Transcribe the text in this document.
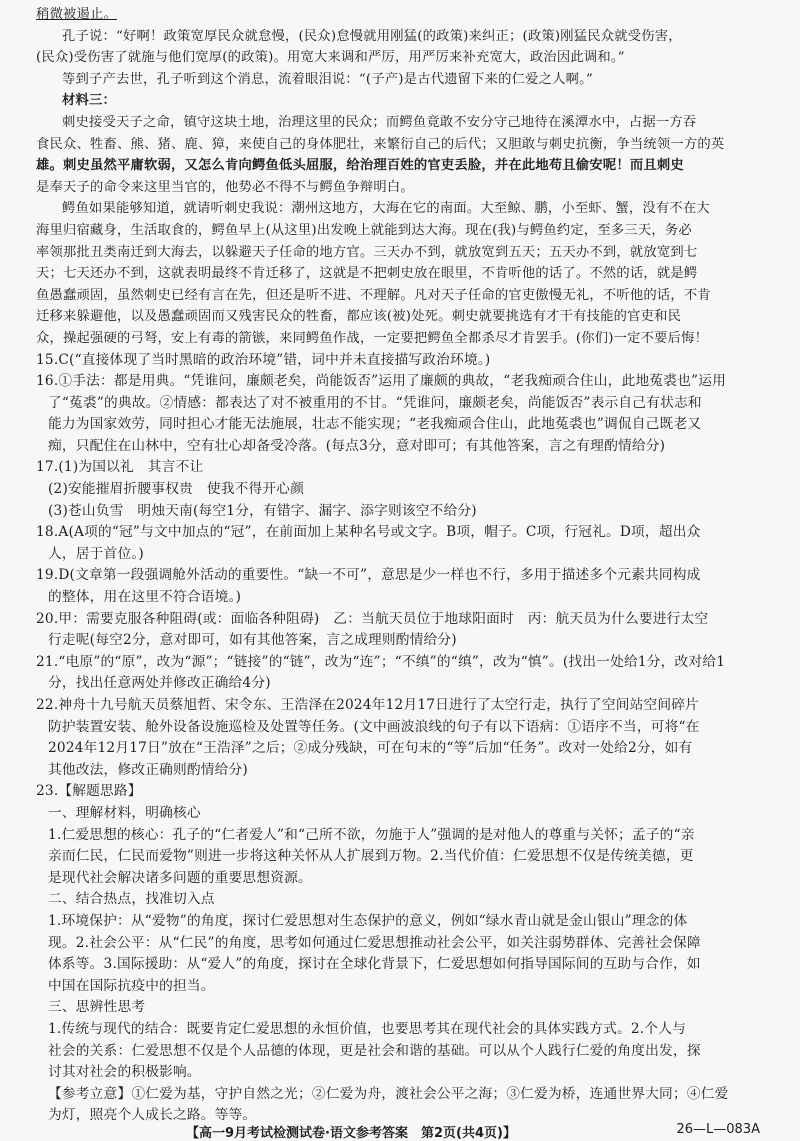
稍微被遏止。
孔子说：“好啊！政策宽厚民众就怠慢，(民众)怠慢就用刚猛(的政策)来纠正；(政策)刚猛民众就受伤害，
(民众)受伤害了就施与他们宽厚(的政策)。用宽大来调和严厉，用严厉来补充宽大，政治因此调和。”
等到子产去世，孔子听到这个消息，流着眼泪说：“(子产)是古代遗留下来的仁爱之人啊。”
材料三：
刺史接受天子之命，镇守这块土地，治理这里的民众；而鳄鱼竟敢不安分守己地待在溪潭水中，占据一方吞
食民众、牲畜、熊、猪、鹿、獐，来使自己的身体肥壮，来繁衍自己的后代；又胆敢与刺史抗衡，争当统领一方的英
雄。刺史虽然平庸软弱，又怎么肯向鳄鱼低头屈服，给治理百姓的官吏丢脸，并在此地苟且偷安呢！而且刺史
是奉天子的命令来这里当官的，他势必不得不与鳄鱼争辩明白。
鳄鱼如果能够知道，就请听刺史我说：潮州这地方，大海在它的南面。大至鲸、鹏，小至虾、蟹，没有不在大
海里归宿藏身，生活取食的，鳄鱼早上(从这里)出发晚上就能到达大海。现在(我)与鳄鱼约定，至多三天，务必
率领那批丑类南迁到大海去，以躲避天子任命的地方官。三天办不到，就放宽到五天；五天办不到，就放宽到七
天；七天还办不到，这就表明最终不肯迁移了，这就是不把刺史放在眼里，不肯听他的话了。不然的话，就是鳄
鱼愚蠢顽固，虽然刺史已经有言在先，但还是听不进、不理解。凡对天子任命的官吏傲慢无礼，不听他的话，不肯
迁移来躲避他，以及愚蠢顽固而又残害民众的牲畜，都应该(被)处死。刺史就要挑选有才干有技能的官吏和民
众，操起强硬的弓弩，安上有毒的箭镞，来同鳄鱼作战，一定要把鳄鱼全都杀尽才肯罢手。(你们)一定不要后悔！
15.C(“直接体现了当时黑暗的政治环境”错，词中并未直接描写政治环境。)
16.①手法：都是用典。“凭谁问，廉颇老矣，尚能饭否”运用了廉颇的典故，“老我痴顽合住山，此地菟裘也”运用
了“菟裘”的典故。②情感：都表达了对不被重用的不甘。“凭谁问，廉颇老矣，尚能饭否”表示自己有状志和
能力为国家效劳，同时担心才能无法施展，壮志不能实现；“老我痴顽合住山，此地菟裘也”调侃自己既老又
痴，只配住在山林中，空有壮心却备受冷落。(每点3分，意对即可；有其他答案，言之有理酌情给分)
17.(1)为国以礼　其言不让
(2)安能摧眉折腰事权贵　使我不得开心颜
(3)苍山负雪　明烛天南(每空1分，有错字、漏字、添字则该空不给分)
18.A(A项的“冠”与文中加点的“冠”，在前面加上某种名号或文字。B项，帽子。C项，行冠礼。D项，超出众
人，居于首位。)
19.D(文章第一段强调舱外活动的重要性。“缺一不可”，意思是少一样也不行，多用于描述多个元素共同构成
的整体，用在这里不符合语境。)
20.甲：需要克服各种阻碍(或：面临各种阻碍)　乙：当航天员位于地球阳面时　丙：航天员为什么要进行太空
行走呢(每空2分，意对即可，如有其他答案，言之成理则酌情给分)
21.“电原”的“原”，改为“源”；“链接”的“链”，改为“连”；“不缜”的“缜”，改为“慎”。(找出一处给1分，改对给1
分，找出任意两处并修改正确给4分)
22.神舟十九号航天员蔡旭哲、宋令东、王浩泽在2024年12月17日进行了太空行走，执行了空间站空间碎片
防护装置安装、舱外设备设施巡检及处置等任务。(文中画波浪线的句子有以下语病：①语序不当，可将“在
2024年12月17日”放在“王浩泽”之后；②成分残缺，可在句末的“等”后加“任务”。改对一处给2分，如有
其他改法，修改正确则酌情给分)
23.【解题思路】
一、理解材料，明确核心
1.仁爱思想的核心：孔子的“仁者爱人”和“己所不欲，勿施于人”强调的是对他人的尊重与关怀；孟子的“亲
亲而仁民，仁民而爱物”则进一步将这种关怀从人扩展到万物。2.当代价值：仁爱思想不仅是传统美德，更
是现代社会解决诸多问题的重要思想资源。
二、结合热点，找准切入点
1.环境保护：从“爱物”的角度，探讨仁爱思想对生态保护的意义，例如“绿水青山就是金山银山”理念的体
现。2.社会公平：从“仁民”的角度，思考如何通过仁爱思想推动社会公平，如关注弱势群体、完善社会保障
体系等。3.国际援助：从“爱人”的角度，探讨在全球化背景下，仁爱思想如何指导国际间的互助与合作，如
中国在国际抗疫中的担当。
三、思辨性思考
1.传统与现代的结合：既要肯定仁爱思想的永恒价值，也要思考其在现代社会的具体实践方式。2.个人与
社会的关系：仁爱思想不仅是个人品德的体现，更是社会和谐的基础。可以从个人践行仁爱的角度出发，探
讨其对社会的积极影响。
【参考立意】①仁爱为基，守护自然之光；②仁爱为舟，渡社会公平之海；③仁爱为桥，连通世界大同；④仁爱
为灯，照亮个人成长之路。等等。
【高一9月考试检测试卷·语文参考答案　第2页(共4页)】	26—L—083A
